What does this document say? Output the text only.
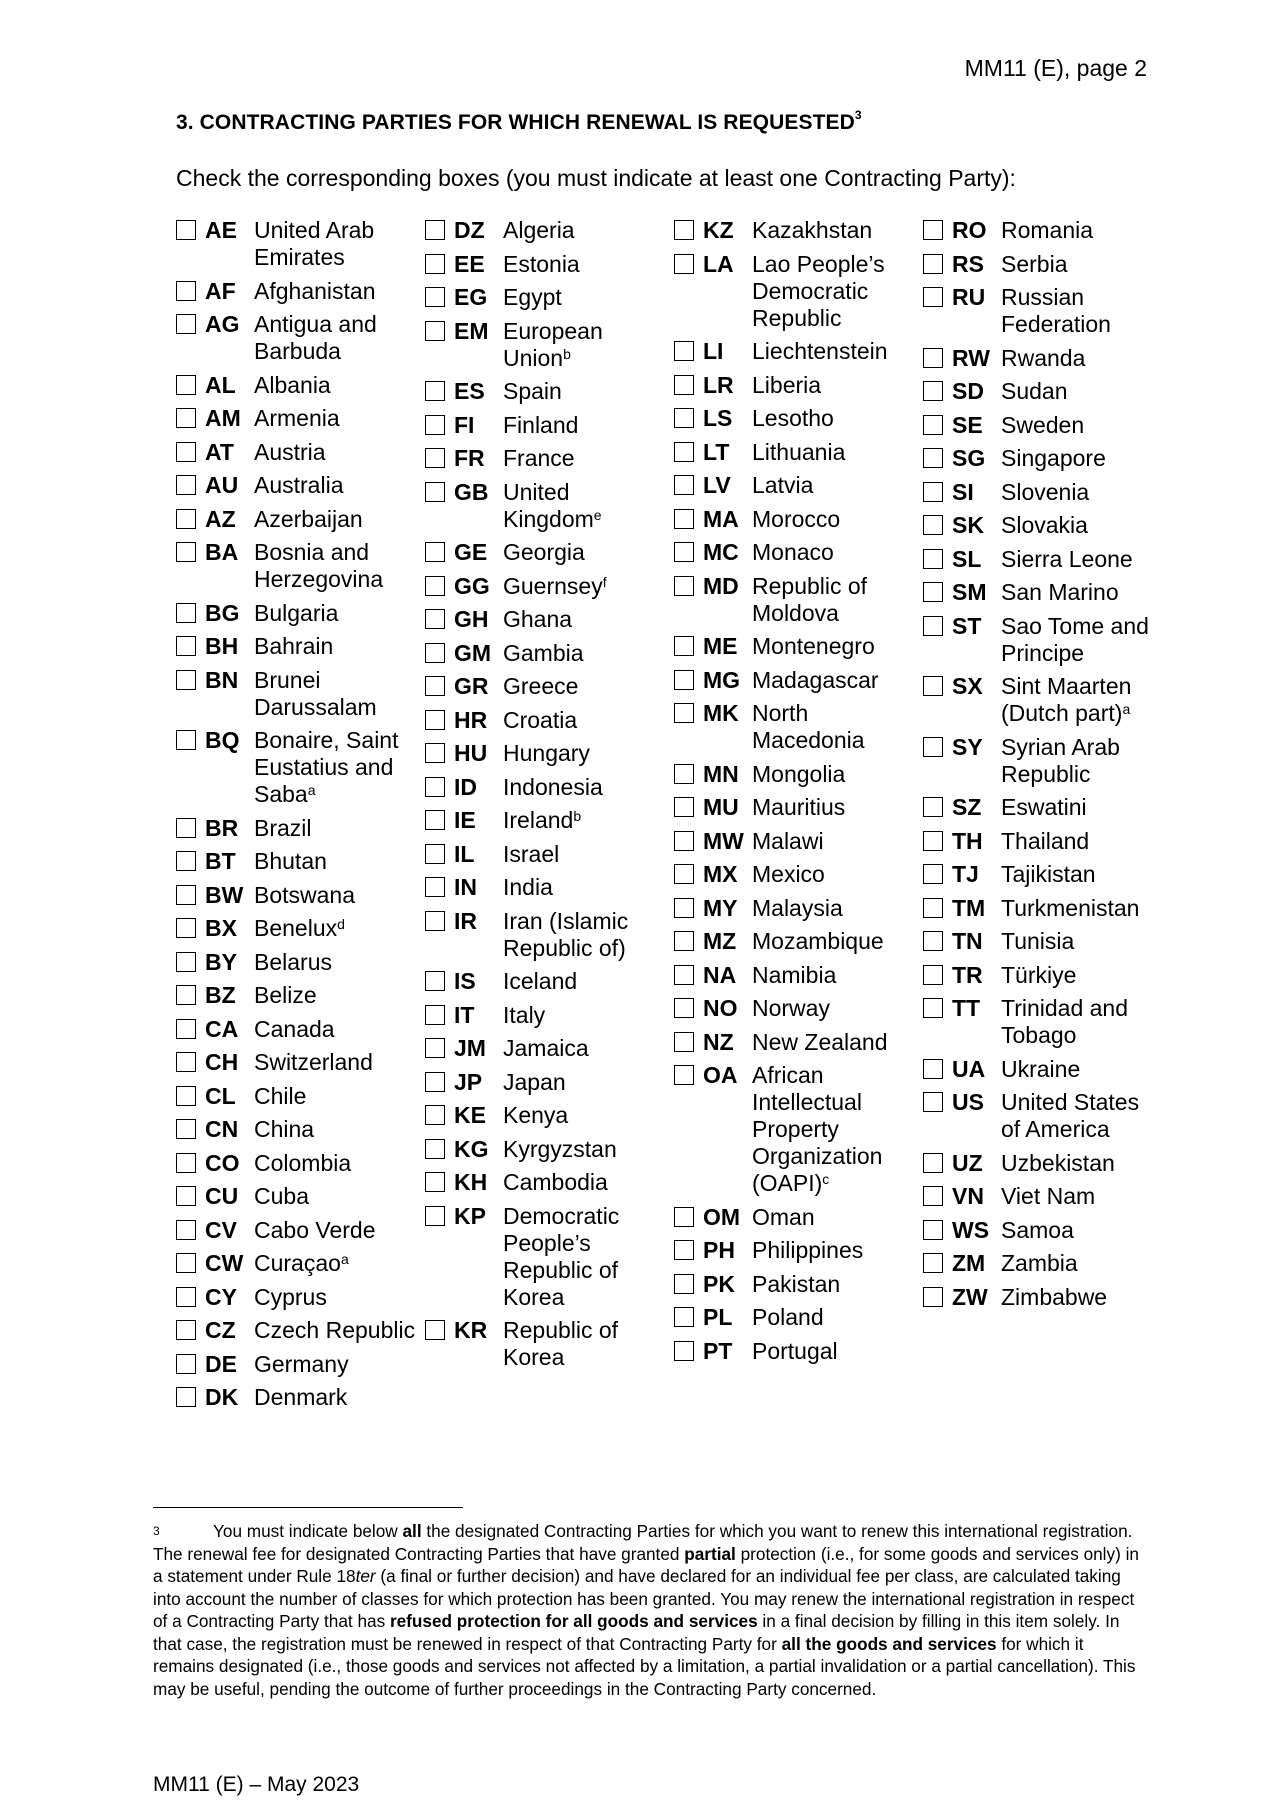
MM11 (E), page 2
3. CONTRACTING PARTIES FOR WHICH RENEWAL IS REQUESTED$^3$
Check the corresponding boxes (you must indicate at least one Contracting Party):
AE United Arab Emirates
AF Afghanistan
AG Antigua and Barbuda
AL Albania
AM Armenia
AT Austria
AU Australia
AZ Azerbaijan
BA Bosnia and Herzegovina
BG Bulgaria
BH Bahrain
BN Brunei Darussalam
BQ Bonaire, Saint Eustatius and Saba$^a$
BR Brazil
BT Bhutan
BW Botswana
BX Benelux$^d$
BY Belarus
BZ Belize
CA Canada
CH Switzerland
CL Chile
CN China
CO Colombia
CU Cuba
CV Cabo Verde
CW Curaçao$^a$
CY Cyprus
CZ Czech Republic
DE Germany
DK Denmark
DZ Algeria
EE Estonia
EG Egypt
EM European Union$^b$
ES Spain
FI	Finland
FR France
GB United Kingdom$^e$
GE Georgia
GG Guernsey$^f$
GH Ghana
GM Gambia
GR Greece
HR Croatia
HU Hungary
ID	Indonesia
IE	Ireland$^b$
IL	Israel
IN	India
IR	Iran (Islamic Republic of)
IS	Iceland
IT	Italy
JM Jamaica
JP Japan
KE Kenya
KG Kyrgyzstan
KH Cambodia
KP Democratic People’s Republic of Korea
KR Republic of Korea
KZ Kazakhstan
LA Lao People’s Democratic Republic
LI	Liechtenstein
LR Liberia
LS Lesotho
LT Lithuania
LV Latvia
MA Morocco
MC Monaco
MD Republic of Moldova
ME Montenegro
MG Madagascar
MK North Macedonia
MN Mongolia
MU Mauritius
MW Malawi
MX Mexico
MY Malaysia
MZ Mozambique
NA Namibia
NO Norway
NZ New Zealand
OA African Intellectual Property Organization (OAPI)$^c$
OM Oman
PH Philippines
PK Pakistan
PL Poland
PT Portugal
RO Romania
RS Serbia
RU Russian Federation
RW Rwanda
SD Sudan
SE Sweden
SG Singapore
SI	Slovenia
SK Slovakia
SL Sierra Leone
SM San Marino
ST Sao Tome and Principe
SX Sint Maarten (Dutch part)$^a$
SY Syrian Arab Republic
SZ Eswatini
TH Thailand
TJ Tajikistan
TM Turkmenistan
TN Tunisia
TR Türkiye
TT Trinidad and Tobago
UA Ukraine
US United States of America
UZ Uzbekistan
VN Viet Nam
WS Samoa
ZM Zambia
ZW Zimbabwe
3	You must indicate below all the designated Contracting Parties for which you want to renew this international registration. The renewal fee for designated Contracting Parties that have granted partial protection (i.e., for some goods and services only) in a statement under Rule 18ter (a final or further decision) and have declared for an individual fee per class, are calculated taking into account the number of classes for which protection has been granted. You may renew the international registration in respect of a Contracting Party that has refused protection for all goods and services in a final decision by filling in this item solely. In that case, the registration must be renewed in respect of that Contracting Party for all the goods and services for which it remains designated (i.e., those goods and services not affected by a limitation, a partial invalidation or a partial cancellation). This may be useful, pending the outcome of further proceedings in the Contracting Party concerned.

MM11 (E) – May 2023
